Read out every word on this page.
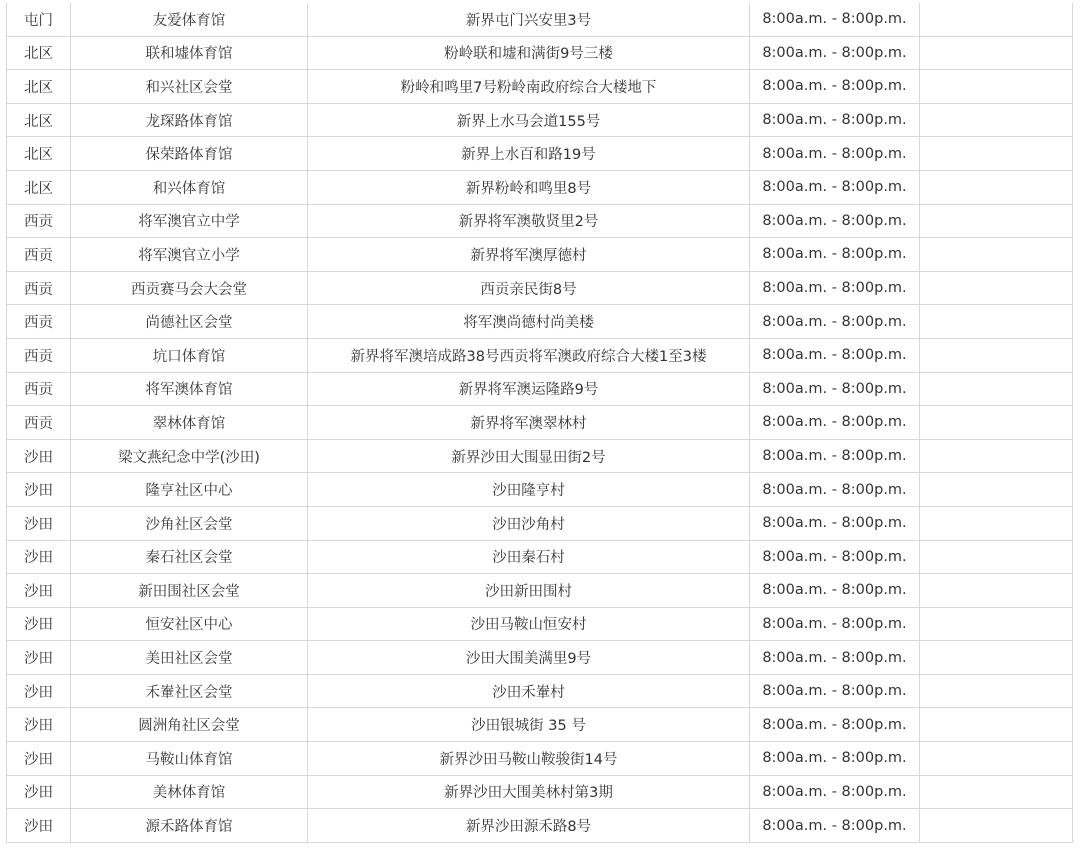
屯门	友爱体育馆	新界屯门兴安里3号	8:00a.m. - 8:00p.m.	
北区	联和墟体育馆	粉岭联和墟和满街9号三楼	8:00a.m. - 8:00p.m.	
北区	和兴社区会堂	粉岭和鸣里7号粉岭南政府综合大楼地下	8:00a.m. - 8:00p.m.	
北区	龙琛路体育馆	新界上水马会道155号	8:00a.m. - 8:00p.m.	
北区	保荣路体育馆	新界上水百和路19号	8:00a.m. - 8:00p.m.	
北区	和兴体育馆	新界粉岭和鸣里8号	8:00a.m. - 8:00p.m.	
西贡	将军澳官立中学	新界将军澳敬贤里2号	8:00a.m. - 8:00p.m.	
西贡	将军澳官立小学	新界将军澳厚德村	8:00a.m. - 8:00p.m.	
西贡	西贡赛马会大会堂	西贡亲民街8号	8:00a.m. - 8:00p.m.	
西贡	尚德社区会堂	将军澳尚德村尚美楼	8:00a.m. - 8:00p.m.	
西贡	坑口体育馆	新界将军澳培成路38号西贡将军澳政府综合大楼1至3楼	8:00a.m. - 8:00p.m.	
西贡	将军澳体育馆	新界将军澳运隆路9号	8:00a.m. - 8:00p.m.	
西贡	翠林体育馆	新界将军澳翠林村	8:00a.m. - 8:00p.m.	
沙田	梁文燕纪念中学(沙田)	新界沙田大围显田街2号	8:00a.m. - 8:00p.m.	
沙田	隆亨社区中心	沙田隆亨村	8:00a.m. - 8:00p.m.	
沙田	沙角社区会堂	沙田沙角村	8:00a.m. - 8:00p.m.	
沙田	秦石社区会堂	沙田秦石村	8:00a.m. - 8:00p.m.	
沙田	新田围社区会堂	沙田新田围村	8:00a.m. - 8:00p.m.	
沙田	恒安社区中心	沙田马鞍山恒安村	8:00a.m. - 8:00p.m.	
沙田	美田社区会堂	沙田大围美满里9号	8:00a.m. - 8:00p.m.	
沙田	禾輋社区会堂	沙田禾輋村	8:00a.m. - 8:00p.m.	
沙田	圆洲角社区会堂	沙田银城街 35 号	8:00a.m. - 8:00p.m.	
沙田	马鞍山体育馆	新界沙田马鞍山鞍骏街14号	8:00a.m. - 8:00p.m.	
沙田	美林体育馆	新界沙田大围美林村第3期	8:00a.m. - 8:00p.m.	
沙田	源禾路体育馆	新界沙田源禾路8号	8:00a.m. - 8:00p.m.	
